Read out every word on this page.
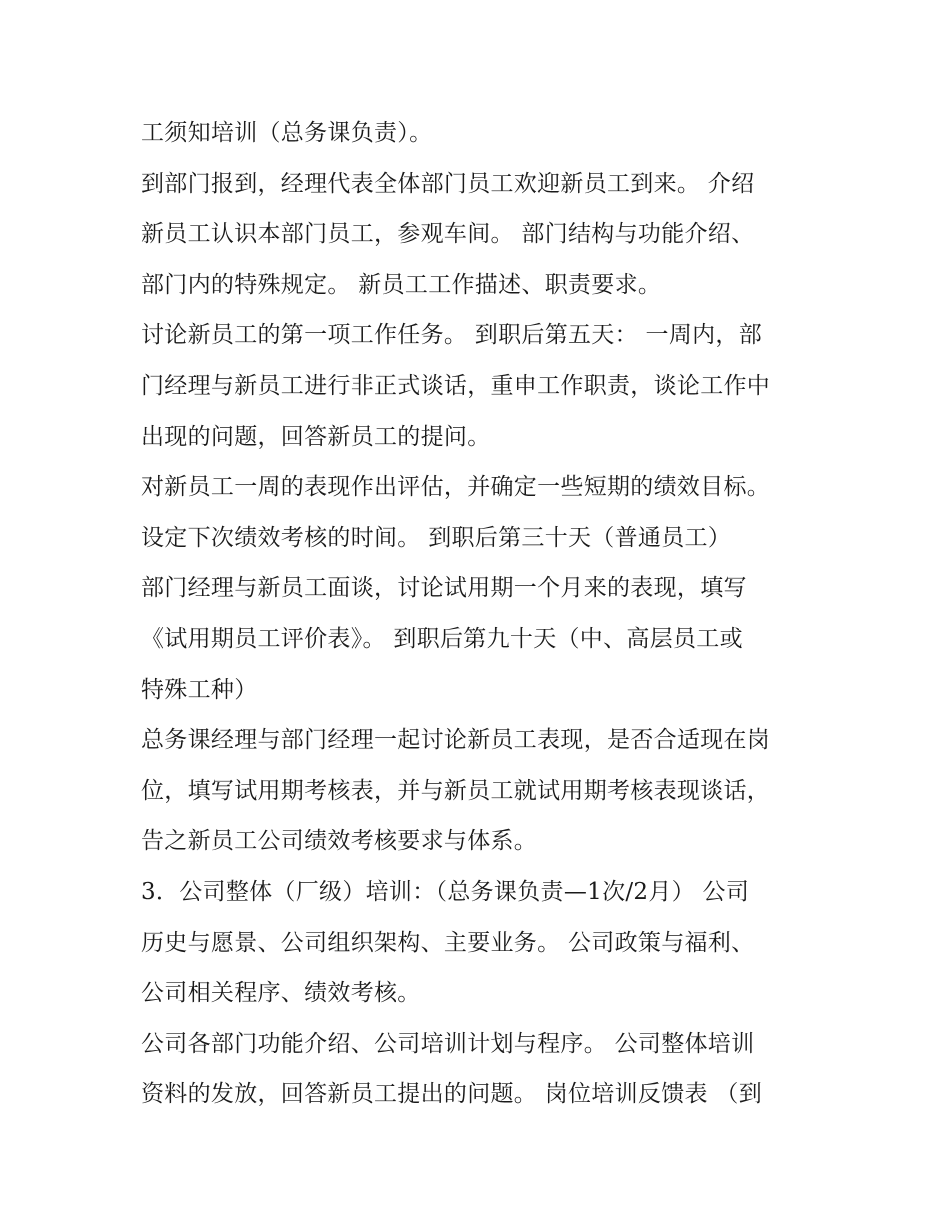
工须知培训（总务课负责）。
到部门报到，经理代表全体部门员工欢迎新员工到来。 介绍
新员工认识本部门员工，参观车间。 部门结构与功能介绍、
部门内的特殊规定。 新员工工作描述、职责要求。
讨论新员工的第一项工作任务。 到职后第五天： 一周内，部
门经理与新员工进行非正式谈话，重申工作职责，谈论工作中
出现的问题，回答新员工的提问。
对新员工一周的表现作出评估，并确定一些短期的绩效目标。
设定下次绩效考核的时间。 到职后第三十天（普通员工）
部门经理与新员工面谈，讨论试用期一个月来的表现，填写
《试用期员工评价表》。 到职后第九十天（中、高层员工或
特殊工种）
总务课经理与部门经理一起讨论新员工表现，是否合适现在岗
位，填写试用期考核表，并与新员工就试用期考核表现谈话，
告之新员工公司绩效考核要求与体系。
3．公司整体（厂级）培训：（总务课负责—1次/2月） 公司
历史与愿景、公司组织架构、主要业务。 公司政策与福利、
公司相关程序、绩效考核。
公司各部门功能介绍、公司培训计划与程序。 公司整体培训
资料的发放，回答新员工提出的问题。 岗位培训反馈表 （到
